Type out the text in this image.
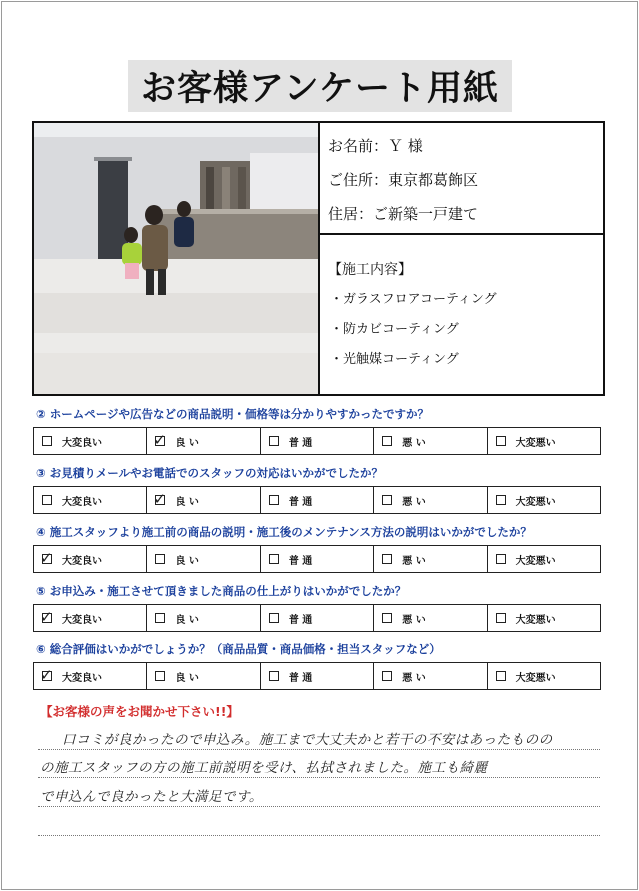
お客様アンケート用紙
お名前：Ｙ 様
ご住所：東京都葛飾区
住居：ご新築一戸建て
【施工内容】
・ガラスフロアコーティング
・防カビコーティング
・光触媒コーティング
② ホームページや広告などの商品説明・価格等は分かりやすかったですか？
大変良い	✓ 良 い	普 通	悪 い	大変悪い
③ お見積りメールやお電話でのスタッフの対応はいかがでしたか？
大変良い	✓ 良 い	普 通	悪 い	大変悪い
④ 施工スタッフより施工前の商品の説明・施工後のメンテナンス方法の説明はいかがでしたか？
✓ 大変良い	良 い	普 通	悪 い	大変悪い
⑤ お申込み・施工させて頂きました商品の仕上がりはいかがでしたか？
✓ 大変良い	良 い	普 通	悪 い	大変悪い
⑥ 総合評価はいかがでしょうか？（商品品質・商品価格・担当スタッフなど）
✓ 大変良い	良 い	普 通	悪 い	大変悪い
【お客様の声をお聞かせ下さい!!】
口コミが良かったので申込み。施工まで大丈夫かと若干の不安はあったものの
の施工スタッフの方の施工前説明を受け、払拭されました。施工も綺麗
で申込んで良かったと大満足です。
